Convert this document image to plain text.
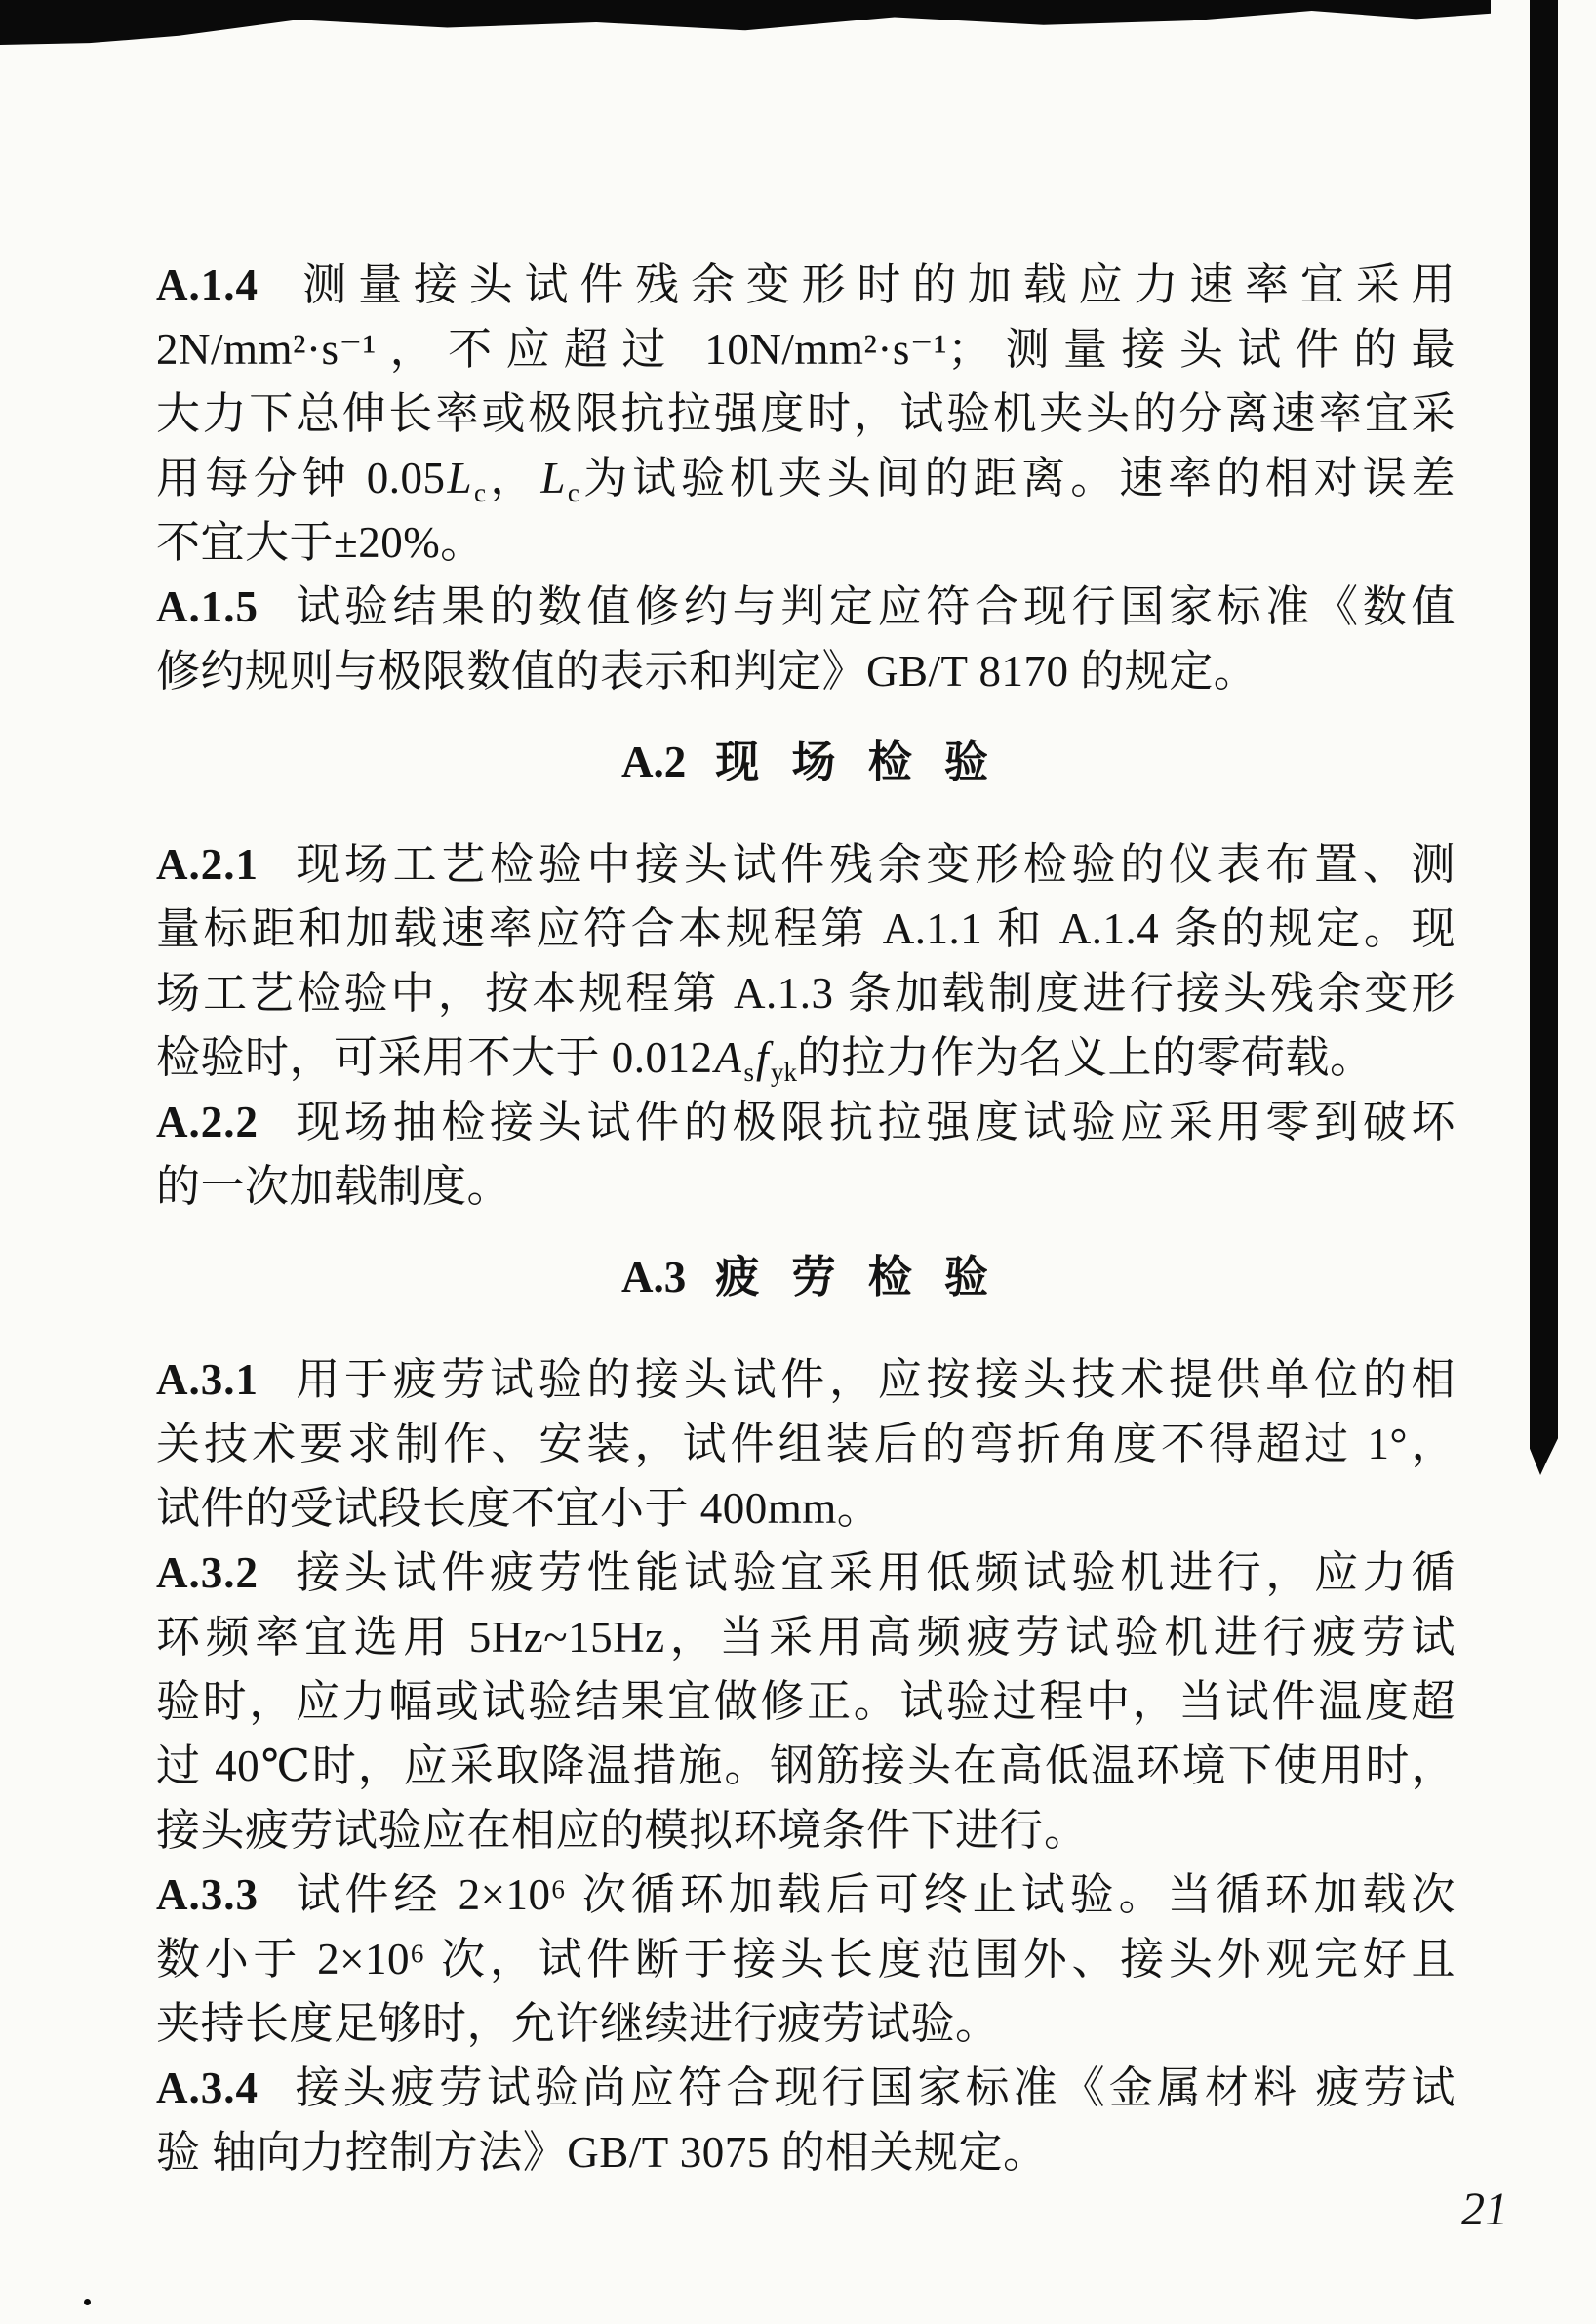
A.1.4 测量接头试件残余变形时的加载应力速率宜采用
2N/mm²·s⁻¹，不应超过 10N/mm²·s⁻¹；测量接头试件的最
大力下总伸长率或极限抗拉强度时，试验机夹头的分离速率宜采
用每分钟 $0.05L_c$，$L_c$为试验机夹头间的距离。速率的相对误差
不宜大于±20%。
A.1.5 试验结果的数值修约与判定应符合现行国家标准《数值
修约规则与极限数值的表示和判定》GB/T 8170 的规定。
A.2 现 场 检 验
A.2.1 现场工艺检验中接头试件残余变形检验的仪表布置、测
量标距和加载速率应符合本规程第 A.1.1 和 A.1.4 条的规定。现
场工艺检验中，按本规程第 A.1.3 条加载制度进行接头残余变形
检验时，可采用不大于 $0.012A_sf_{yk}$的拉力作为名义上的零荷载。
A.2.2 现场抽检接头试件的极限抗拉强度试验应采用零到破坏
的一次加载制度。
A.3 疲 劳 检 验
A.3.1 用于疲劳试验的接头试件，应按接头技术提供单位的相
关技术要求制作、安装，试件组装后的弯折角度不得超过 1°，
试件的受试段长度不宜小于 400mm。
A.3.2 接头试件疲劳性能试验宜采用低频试验机进行，应力循
环频率宜选用 5Hz~15Hz，当采用高频疲劳试验机进行疲劳试
验时，应力幅或试验结果宜做修正。试验过程中，当试件温度超
过 40℃时，应采取降温措施。钢筋接头在高低温环境下使用时，
接头疲劳试验应在相应的模拟环境条件下进行。
A.3.3 试件经 2×10⁶ 次循环加载后可终止试验。当循环加载次
数小于 2×10⁶ 次，试件断于接头长度范围外、接头外观完好且
夹持长度足够时，允许继续进行疲劳试验。
A.3.4 接头疲劳试验尚应符合现行国家标准《金属材料 疲劳试
验 轴向力控制方法》GB/T 3075 的相关规定。
21
